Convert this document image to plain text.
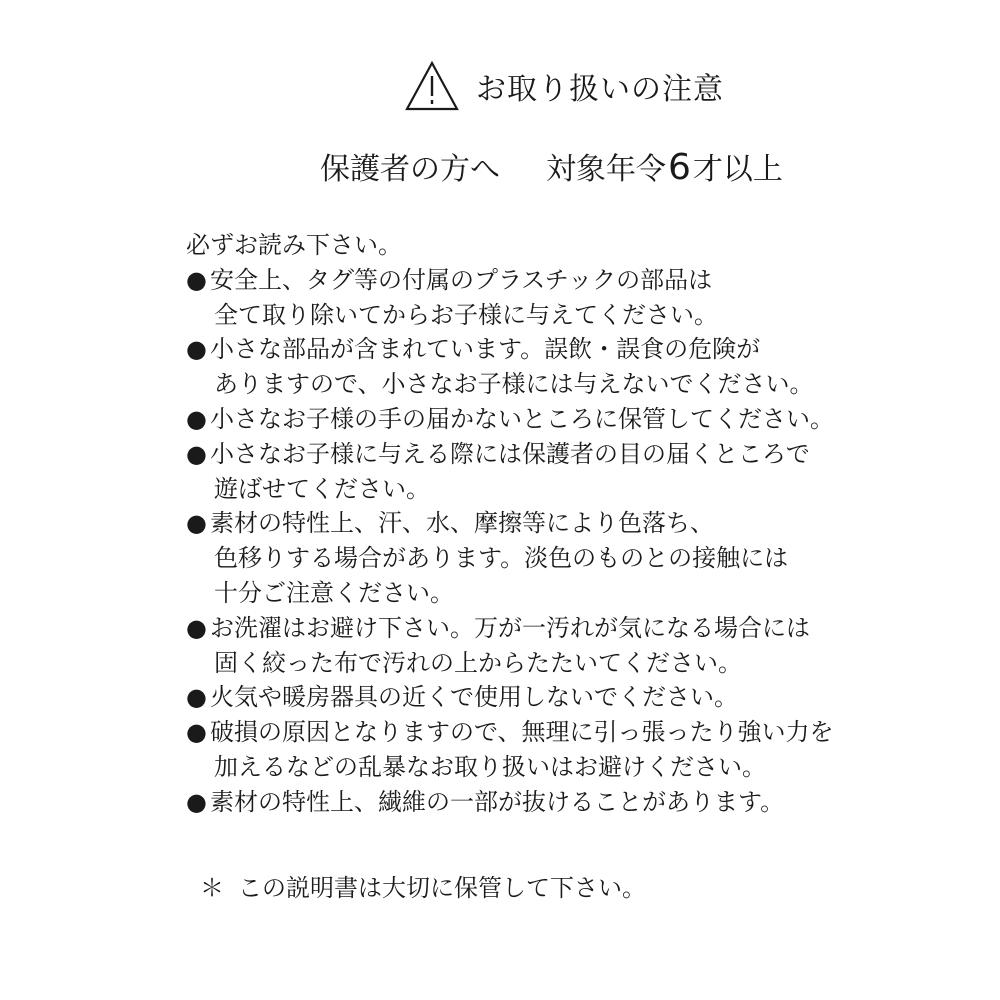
お取り扱いの注意
保護者の方へ 対象年令6才以上
必ずお読み下さい。
● 安全上、タグ等の付属のプラスチックの部品は
全て取り除いてからお子様に与えてください。
● 小さな部品が含まれています。誤飲・誤食の危険が
ありますので、小さなお子様には与えないでください。
● 小さなお子様の手の届かないところに保管してください。
● 小さなお子様に与える際には保護者の目の届くところで
遊ばせてください。
● 素材の特性上、汗、水、摩擦等により色落ち、
色移りする場合があります。淡色のものとの接触には
十分ご注意ください。
● お洗濯はお避け下さい。万が一汚れが気になる場合には
固く絞った布で汚れの上からたたいてください。
● 火気や暖房器具の近くで使用しないでください。
● 破損の原因となりますので、無理に引っ張ったり強い力を
加えるなどの乱暴なお取り扱いはお避けください。
● 素材の特性上、繊維の一部が抜けることがあります。
＊ この説明書は大切に保管して下さい。
